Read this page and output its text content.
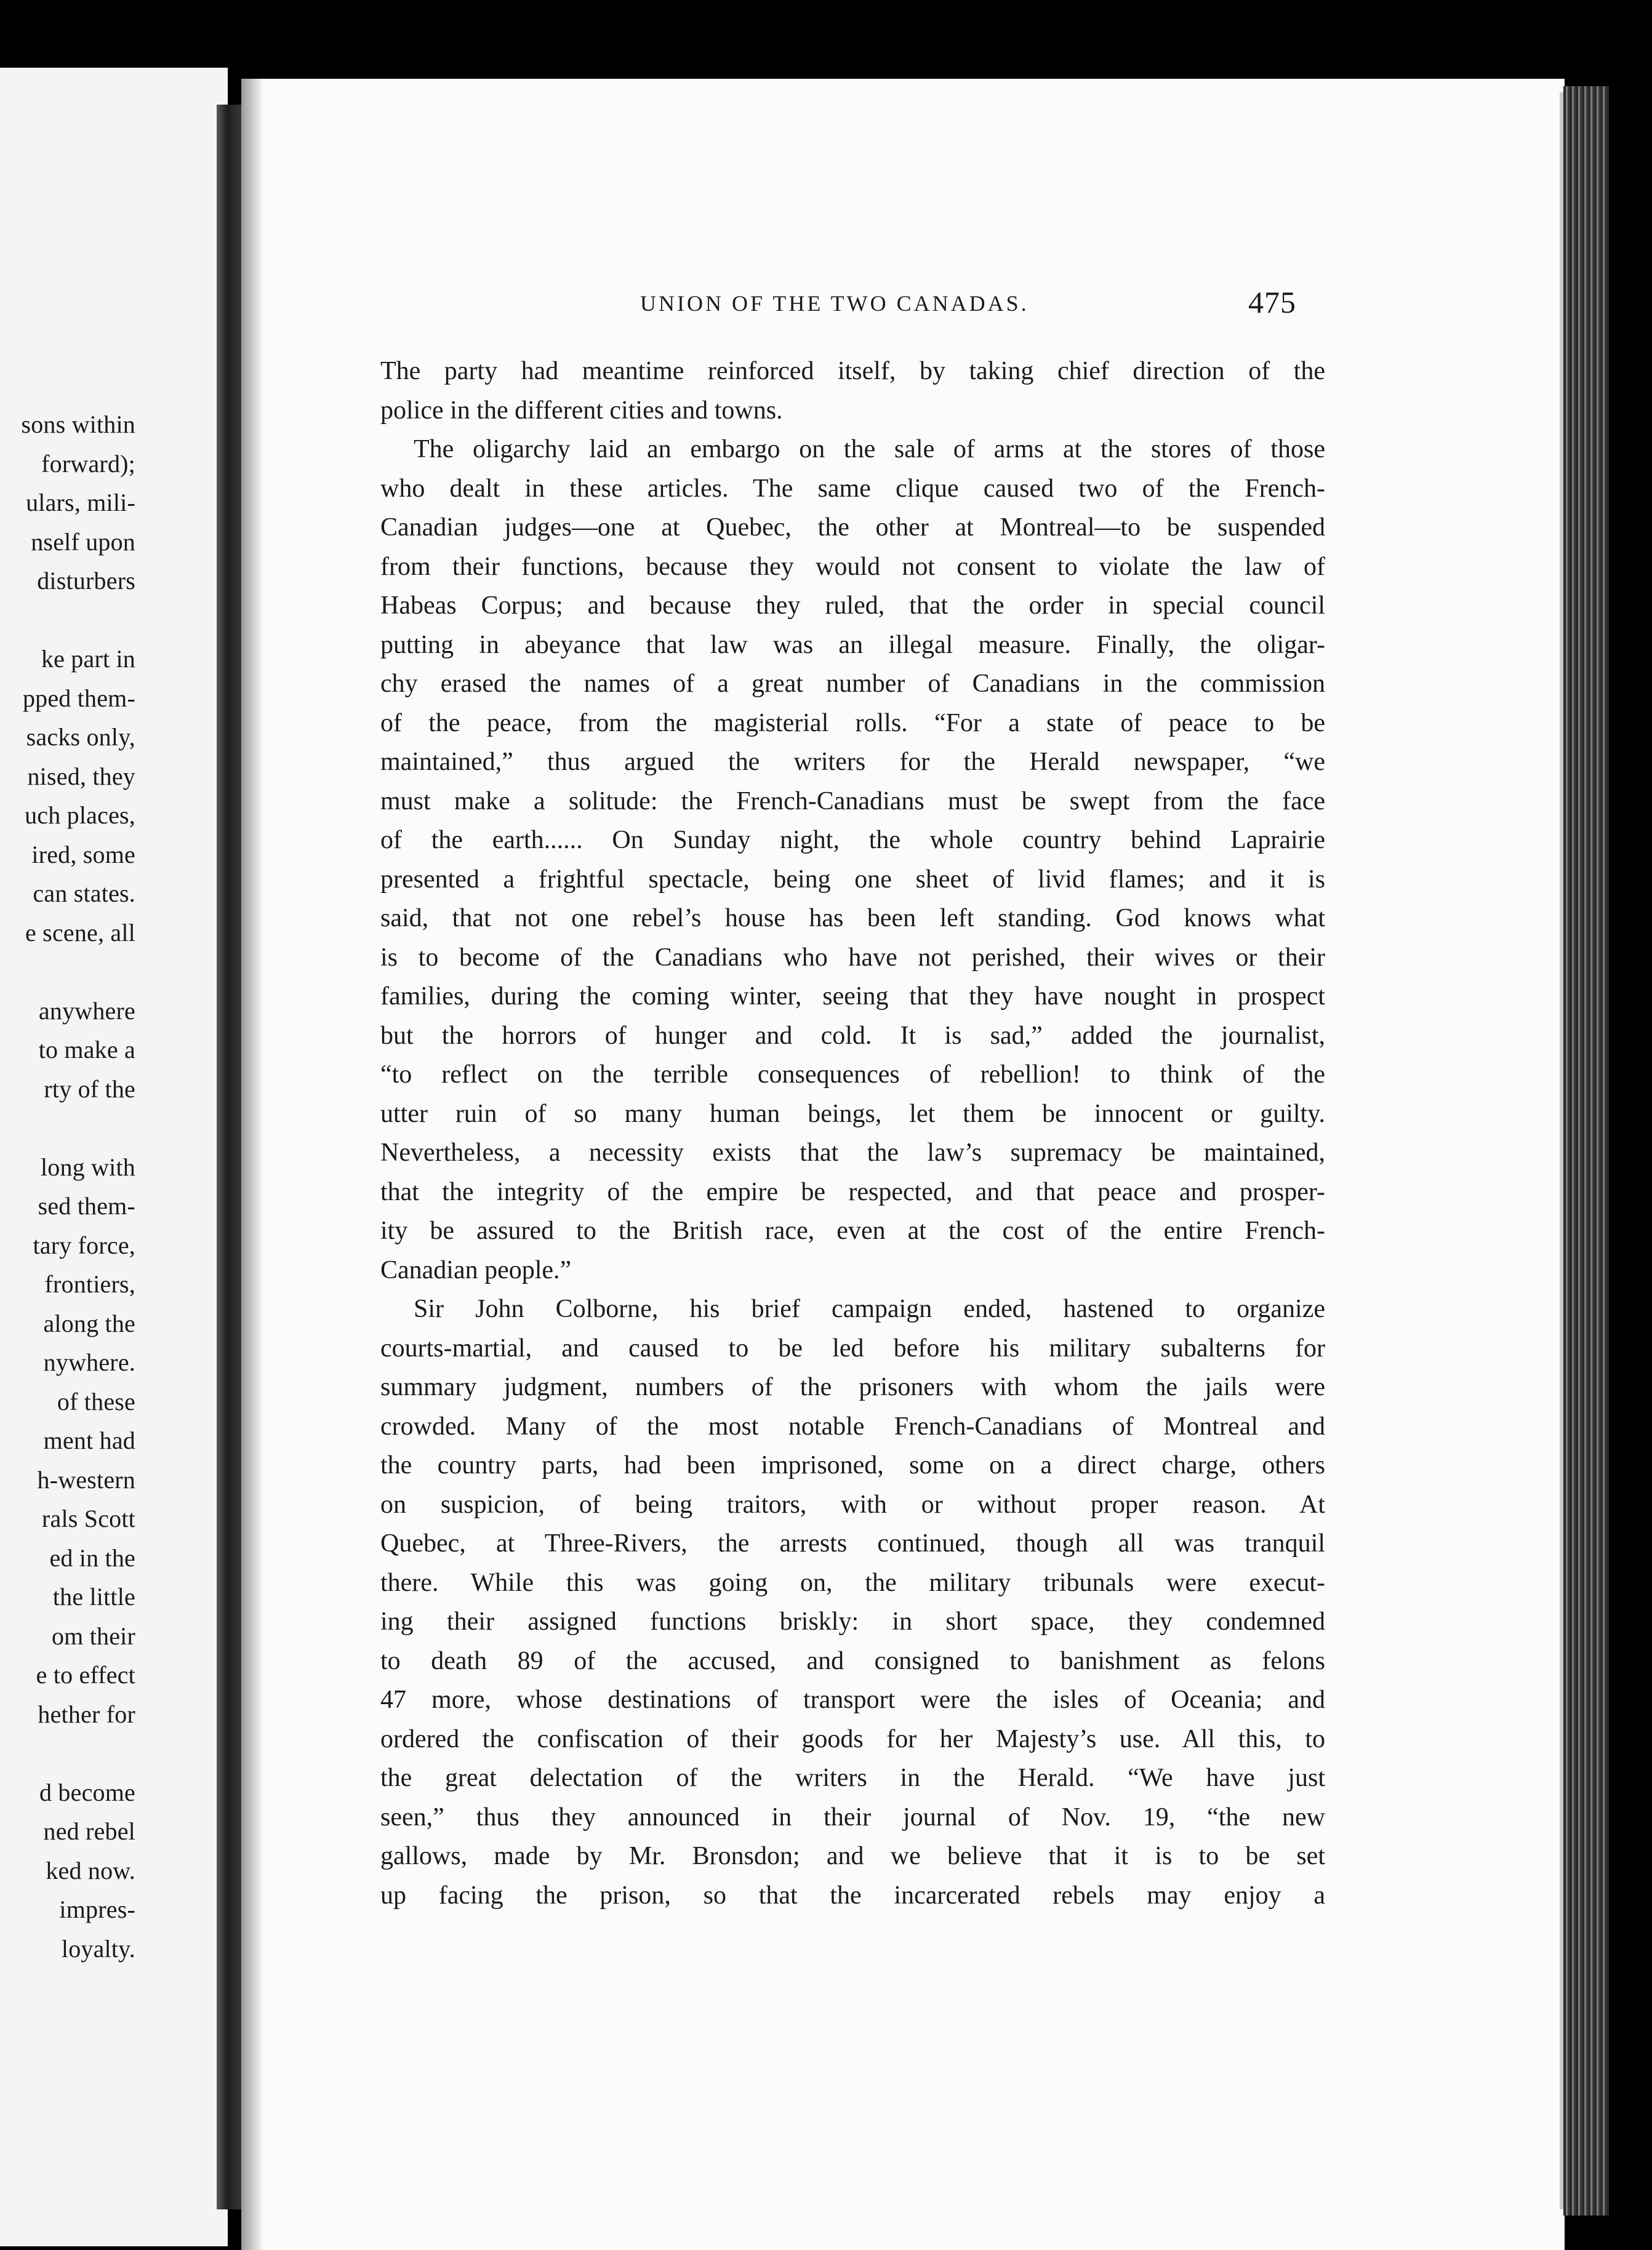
sons within
forward);
ulars, mili-
nself upon
disturbers

ke part in
pped them-
sacks only,
nised, they
uch places,
ired, some
can states.
e scene, all

anywhere
to make a
rty of the

long with
sed them-
tary force,
frontiers,
along the
nywhere.
of these
ment had
h-western
rals Scott
ed in the
the little
om their
e to effect
hether for

d become
ned rebel
ked now.
impres-
loyalty.
UNION OF THE TWO CANADAS.	475
The party had meantime reinforced itself, by taking chief direction of the
police in the different cities and towns.
The oligarchy laid an embargo on the sale of arms at the stores of those
who dealt in these articles. The same clique caused two of the French-
Canadian judges—one at Quebec, the other at Montreal—to be suspended
from their functions, because they would not consent to violate the law of
Habeas Corpus; and because they ruled, that the order in special council
putting in abeyance that law was an illegal measure. Finally, the oligar-
chy erased the names of a great number of Canadians in the commission
of the peace, from the magisterial rolls. “For a state of peace to be
maintained,” thus argued the writers for the Herald newspaper, “we
must make a solitude: the French-Canadians must be swept from the face
of the earth...... On Sunday night, the whole country behind Laprairie
presented a frightful spectacle, being one sheet of livid flames; and it is
said, that not one rebel’s house has been left standing. God knows what
is to become of the Canadians who have not perished, their wives or their
families, during the coming winter, seeing that they have nought in prospect
but the horrors of hunger and cold. It is sad,” added the journalist,
“to reflect on the terrible consequences of rebellion! to think of the
utter ruin of so many human beings, let them be innocent or guilty.
Nevertheless, a necessity exists that the law’s supremacy be maintained,
that the integrity of the empire be respected, and that peace and prosper-
ity be assured to the British race, even at the cost of the entire French-
Canadian people.”
Sir John Colborne, his brief campaign ended, hastened to organize
courts-martial, and caused to be led before his military subalterns for
summary judgment, numbers of the prisoners with whom the jails were
crowded. Many of the most notable French-Canadians of Montreal and
the country parts, had been imprisoned, some on a direct charge, others
on suspicion, of being traitors, with or without proper reason. At
Quebec, at Three-Rivers, the arrests continued, though all was tranquil
there. While this was going on, the military tribunals were execut-
ing their assigned functions briskly: in short space, they condemned
to death 89 of the accused, and consigned to banishment as felons
47 more, whose destinations of transport were the isles of Oceania; and
ordered the confiscation of their goods for her Majesty’s use. All this, to
the great delectation of the writers in the Herald. “We have just
seen,” thus they announced in their journal of Nov. 19, “the new
gallows, made by Mr. Bronsdon; and we believe that it is to be set
up facing the prison, so that the incarcerated rebels may enjoy a
